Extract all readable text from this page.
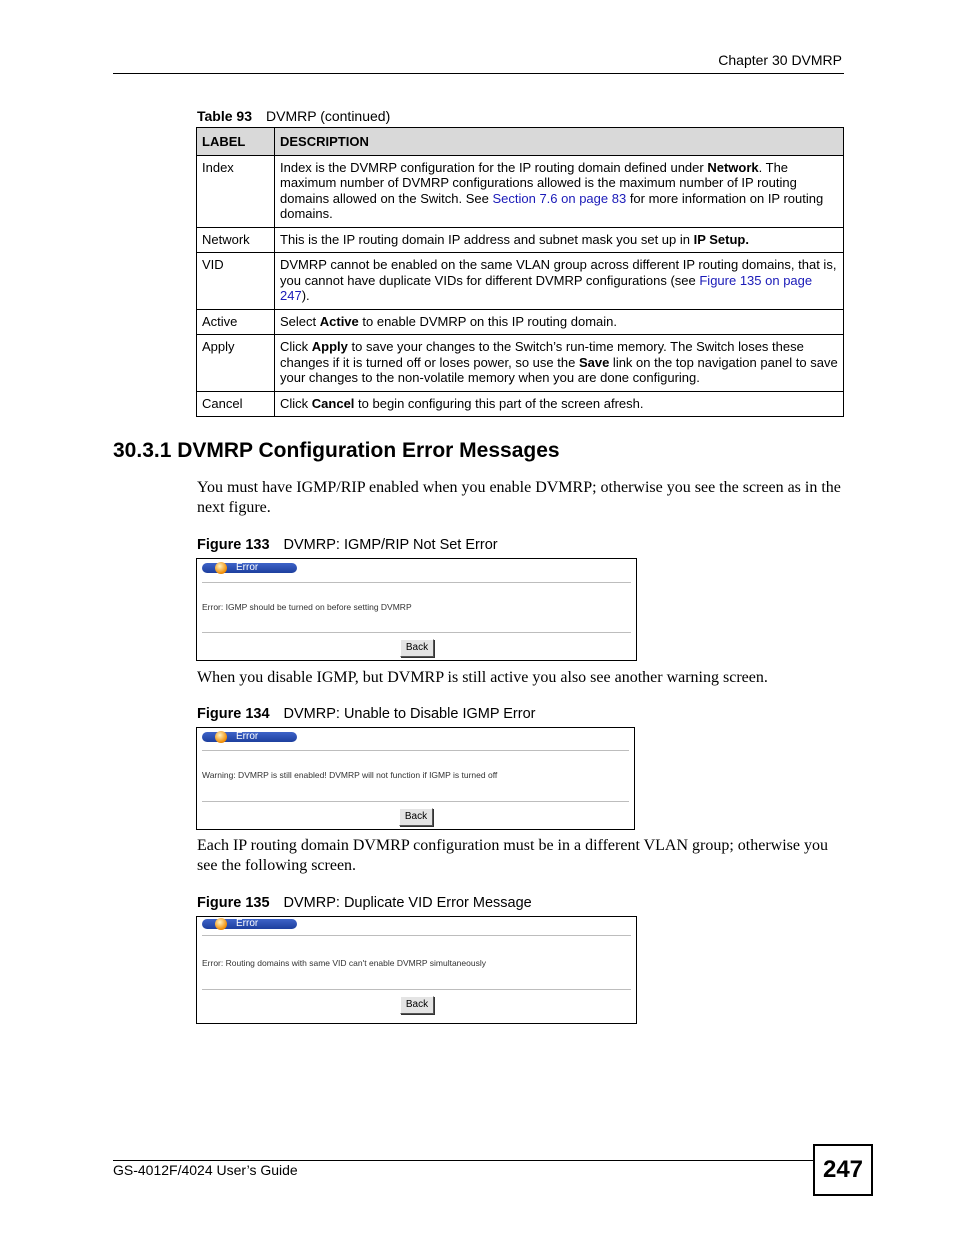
Chapter 30 DVMRP
Table 93 DVMRP (continued)
LABEL	DESCRIPTION
Index	Index is the DVMRP configuration for the IP routing domain defined under Network. The maximum number of DVMRP configurations allowed is the maximum number of IP routing domains allowed on the Switch. See Section 7.6 on page 83 for more information on IP routing domains.
Network	This is the IP routing domain IP address and subnet mask you set up in IP Setup.
VID	DVMRP cannot be enabled on the same VLAN group across different IP routing domains, that is, you cannot have duplicate VIDs for different DVMRP configurations (see Figure 135 on page 247).
Active	Select Active to enable DVMRP on this IP routing domain.
Apply	Click Apply to save your changes to the Switch’s run-time memory. The Switch loses these changes if it is turned off or loses power, so use the Save link on the top navigation panel to save your changes to the non-volatile memory when you are done configuring.
Cancel	Click Cancel to begin configuring this part of the screen afresh.
30.3.1 DVMRP Configuration Error Messages
You must have IGMP/RIP enabled when you enable DVMRP; otherwise you see the screen as in the next figure.
Figure 133 DVMRP: IGMP/RIP Not Set Error
Error
Error: IGMP should be turned on before setting DVMRP
Back
When you disable IGMP, but DVMRP is still active you also see another warning screen.
Figure 134 DVMRP: Unable to Disable IGMP Error
Error
Warning: DVMRP is still enabled! DVMRP will not function if IGMP is turned off
Back
Each IP routing domain DVMRP configuration must be in a different VLAN group; otherwise you see the following screen.
Figure 135 DVMRP: Duplicate VID Error Message
Error
Error: Routing domains with same VID can't enable DVMRP simultaneously
Back
GS-4012F/4024 User’s Guide	247
